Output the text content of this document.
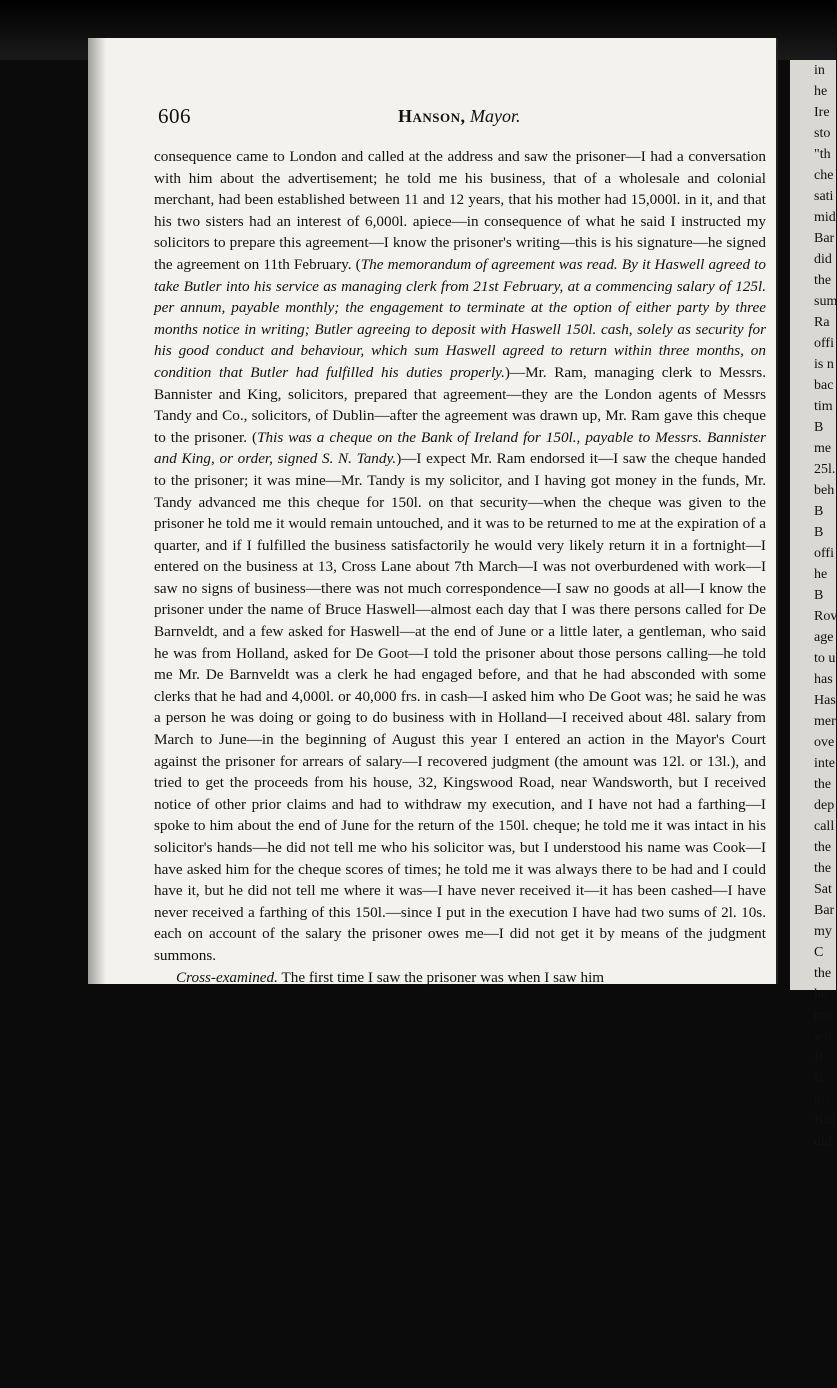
in
he
Ire
sto
"th
che
sati
mid
Bar
did
the
sum
Ra
offi
is n
bac
tim
B
me
25l.
beh
B
B
offi
he
B
Rov
age
to u
has
Has
mer
ove
inte
the
dep
call
the
the
Sat
Bar
my
C
the
he
mo
wh
B
B
nis
But
did
606	Hanson, Mayor.

consequence came to London and called at the address and saw the prisoner—I had a conversation with him about the advertisement; he told me his business, that of a wholesale and colonial merchant, had been established between 11 and 12 years, that his mother had 15,000l. in it, and that his two sisters had an interest of 6,000l. apiece—in consequence of what he said I instructed my solicitors to prepare this agreement—I know the prisoner's writing—this is his signature—he signed the agreement on 11th February. (The memorandum of agreement was read. By it Haswell agreed to take Butler into his service as managing clerk from 21st February, at a commencing salary of 125l. per annum, payable monthly; the engagement to terminate at the option of either party by three months notice in writing; Butler agreeing to deposit with Haswell 150l. cash, solely as security for his good conduct and behaviour, which sum Haswell agreed to return within three months, on condition that Butler had fulfilled his duties properly.)—Mr. Ram, managing clerk to Messrs. Bannister and King, solicitors, prepared that agreement—they are the London agents of Messrs Tandy and Co., solicitors, of Dublin—after the agreement was drawn up, Mr. Ram gave this cheque to the prisoner. (This was a cheque on the Bank of Ireland for 150l., payable to Messrs. Bannister and King, or order, signed S. N. Tandy.)—I expect Mr. Ram endorsed it—I saw the cheque handed to the prisoner; it was mine—Mr. Tandy is my solicitor, and I having got money in the funds, Mr. Tandy advanced me this cheque for 150l. on that security—when the cheque was given to the prisoner he told me it would remain untouched, and it was to be returned to me at the expiration of a quarter, and if I fulfilled the business satisfactorily he would very likely return it in a fortnight—I entered on the business at 13, Cross Lane about 7th March—I was not overburdened with work—I saw no signs of business—there was not much correspondence—I saw no goods at all—I know the prisoner under the name of Bruce Haswell—almost each day that I was there persons called for De Barnveldt, and a few asked for Haswell—at the end of June or a little later, a gentleman, who said he was from Holland, asked for De Goot—I told the prisoner about those persons calling—he told me Mr. De Barnveldt was a clerk he had engaged before, and that he had absconded with some clerks that he had and 4,000l. or 40,000 frs. in cash—I asked him who De Goot was; he said he was a person he was doing or going to do business with in Holland—I received about 48l. salary from March to June—in the beginning of August this year I entered an action in the Mayor's Court against the prisoner for arrears of salary—I recovered judgment (the amount was 12l. or 13l.), and tried to get the proceeds from his house, 32, Kingswood Road, near Wandsworth, but I received notice of other prior claims and had to withdraw my execution, and I have not had a farthing—I spoke to him about the end of June for the return of the 150l. cheque; he told me it was intact in his solicitor's hands—he did not tell me who his solicitor was, but I understood his name was Cook—I have asked him for the cheque scores of times; he told me it was always there to be had and I could have it, but he did not tell me where it was—I have never received it—it has been cashed—I have never received a farthing of this 150l.—since I put in the execution I have had two sums of 2l. 10s. each on account of the salary the prisoner owes me—I did not get it by means of the judgment summons.

Cross-examined. The first time I saw the prisoner was when I saw him
